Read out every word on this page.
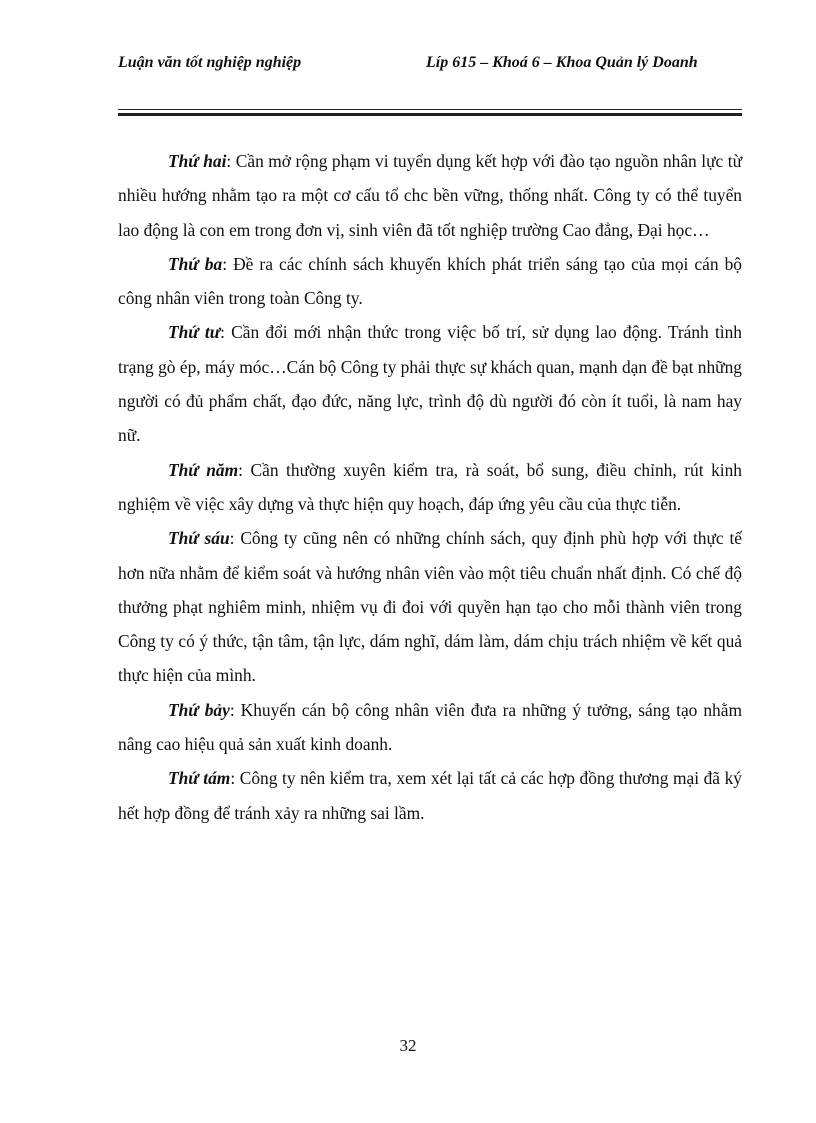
Luận văn tốt nghiệp nghiệp	Líp 615 – Khoá 6 – Khoa Quản lý Doanh

Thứ hai: Cần mở rộng phạm vi tuyển dụng kết hợp với đào tạo nguồn nhân lực từ nhiều hướng nhằm tạo ra một cơ cấu tổ chc bền vững, thống nhất. Công ty có thể tuyển lao động là con em trong đơn vị, sinh viên đã tốt nghiệp trường Cao đẳng, Đại học…

Thứ ba: Đề ra các chính sách khuyến khích phát triển sáng tạo của mọi cán bộ công nhân viên trong toàn Công ty.

Thứ tư: Cần đổi mới nhận thức trong việc bố trí, sử dụng lao động. Tránh tình trạng gò ép, máy móc…Cán bộ Công ty phải thực sự khách quan, mạnh dạn đề bạt những người có đủ phẩm chất, đạo đức, năng lực, trình độ dù người đó còn ít tuổi, là nam hay nữ.

Thứ năm: Cần thường xuyên kiểm tra, rà soát, bổ sung, điều chỉnh, rút kinh nghiệm về việc xây dựng và thực hiện quy hoạch, đáp ứng yêu cầu của thực tiễn.

Thứ sáu: Công ty cũng nên có những chính sách, quy định phù hợp với thực tế hơn nữa nhằm để kiểm soát và hướng nhân viên vào một tiêu chuẩn nhất định. Có chế độ thưởng phạt nghiêm minh, nhiệm vụ đi đoi với quyền hạn tạo cho mỗi thành viên trong Công ty có ý thức, tận tâm, tận lực, dám nghĩ, dám làm, dám chịu trách nhiệm về kết quả thực hiện của mình.

Thứ bảy: Khuyến cán bộ công nhân viên đưa ra những ý tưởng, sáng tạo nhằm nâng cao hiệu quả sản xuất kinh doanh.

Thứ tám: Công ty nên kiểm tra, xem xét lại tất cả các hợp đồng thương mại đã ký hết hợp đồng để tránh xảy ra những sai lầm.

32
